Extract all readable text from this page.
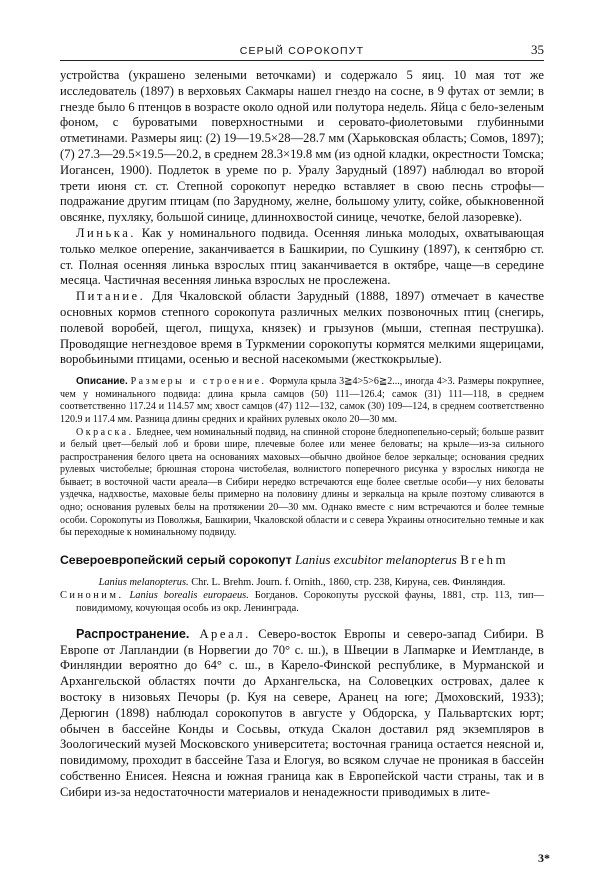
СЕРЫЙ СОРОКОПУТ	35

устройства (украшено зелеными веточками) и содержало 5 яиц. 10 мая тот же исследователь (1897) в верховьях Сакмары нашел гнездо на сосне, в 9 футах от земли; в гнезде было 6 птенцов в возрасте около одной или полутора недель. Яйца с бело-зеленым фоном, с буроватыми поверхностными и серовато-фиолетовыми глубинными отметинами. Размеры яиц: (2) 19—19.5×28—28.7 мм (Харьковская область; Сомов, 1897); (7) 27.3—29.5×19.5—20.2, в среднем 28.3×19.8 мм (из одной кладки, окрестности Томска; Иогансен, 1900). Подлеток в уреме по р. Уралу Зарудный (1897) наблюдал во второй трети июня ст. ст. Степной сорокопут нередко вставляет в свою песнь строфы—подражание другим птицам (по Зарудному, желне, большому улиту, сойке, обыкновенной овсянке, пухляку, большой синице, длиннохвостой синице, чечотке, белой лазоревке).

Линька. Как у номинального подвида. Осенняя линька молодых, охватывающая только мелкое оперение, заканчивается в Башкирии, по Сушкину (1897), к сентябрю ст. ст. Полная осенняя линька взрослых птиц заканчивается в октябре, чаще—в середине месяца. Частичная весенняя линька взрослых не прослежена.

Питание. Для Чкаловской области Зарудный (1888, 1897) отмечает в качестве основных кормов степного сорокопута различных мелких позвоночных птиц (снегирь, полевой воробей, щегол, пищуха, князек) и грызунов (мыши, степная пеструшка). Проводящие негнездовое время в Туркмении сорокопуты кормятся мелкими ящерицами, воробьиными птицами, осенью и весной насекомыми (жесткокрылые).

Описание. Размеры и строение. Формула крыла 3≧4>5>6≧2..., иногда 4>3. Размеры покрупнее, чем у номинального подвида: длина крыла самцов (50) 111—126.4; самок (31) 111—118, в среднем соответственно 117.24 и 114.57 мм; хвост самцов (47) 112—132, самок (30) 109—124, в среднем соответственно 120.9 и 117.4 мм. Разница длины средних и крайних рулевых около 20—30 мм.

Окраска. Бледнее, чем номинальный подвид, на спинной стороне бледнопепельно-серый; больше развит и белый цвет—белый лоб и брови шире, плечевые более или менее беловаты; на крыле—из-за сильного распространения белого цвета на основаниях маховых—обычно двойное белое зеркальце; основания средних рулевых чистобелые; брюшная сторона чистобелая, волнистого поперечного рисунка у взрослых никогда не бывает; в восточной части ареала—в Сибири нередко встречаются еще более светлые особи—у них беловаты уздечка, надхвостье, маховые белы примерно на половину длины и зеркальца на крыле поэтому сливаются в одно; основания рулевых белы на протяжении 20—30 мм. Однако вместе с ним встречаются и более темные особи. Сорокопуты из Поволжья, Башкирии, Чкаловской области и с севера Украины относительно темные и как бы переходные к номинальному подвиду.

Североевропейский серый сорокопут Lanius excubitor melanopterus Brehm

Lanius melanopterus. Chr. L. Brehm. Journ. f. Ornith., 1860, стр. 238, Кируна, сев. Финляндия.

Синоним. Lanius borealis europaeus. Богданов. Сорокопуты русской фауны, 1881, стр. 113, тип—повидимому, кочующая особь из окр. Ленинграда.

Распространение. Ареал. Северо-восток Европы и северо-запад Сибири. В Европе от Лапландии (в Норвегии до 70° с. ш.), в Швеции в Лапмарке и Иемтланде, в Финляндии вероятно до 64° с. ш., в Карело-Финской республике, в Мурманской и Архангельской областях почти до Архангельска, на Соловецких островах, далее к востоку в низовьях Печоры (р. Куя на севере, Аранец на юге; Дмоховский, 1933); Дерюгин (1898) наблюдал сорокопутов в августе у Обдорска, у Пальвартских юрт; обычен в бассейне Конды и Сосьвы, откуда Скалон доставил ряд экземпляров в Зоологический музей Московского университета; восточная граница остается неясной и, повидимому, проходит в бассейне Таза и Елогуя, во всяком случае не проникая в бассейн собственно Енисея. Неясна и южная граница как в Европейской части страны, так и в Сибири из-за недостаточности материалов и ненадежности приводимых в лите-

3*
